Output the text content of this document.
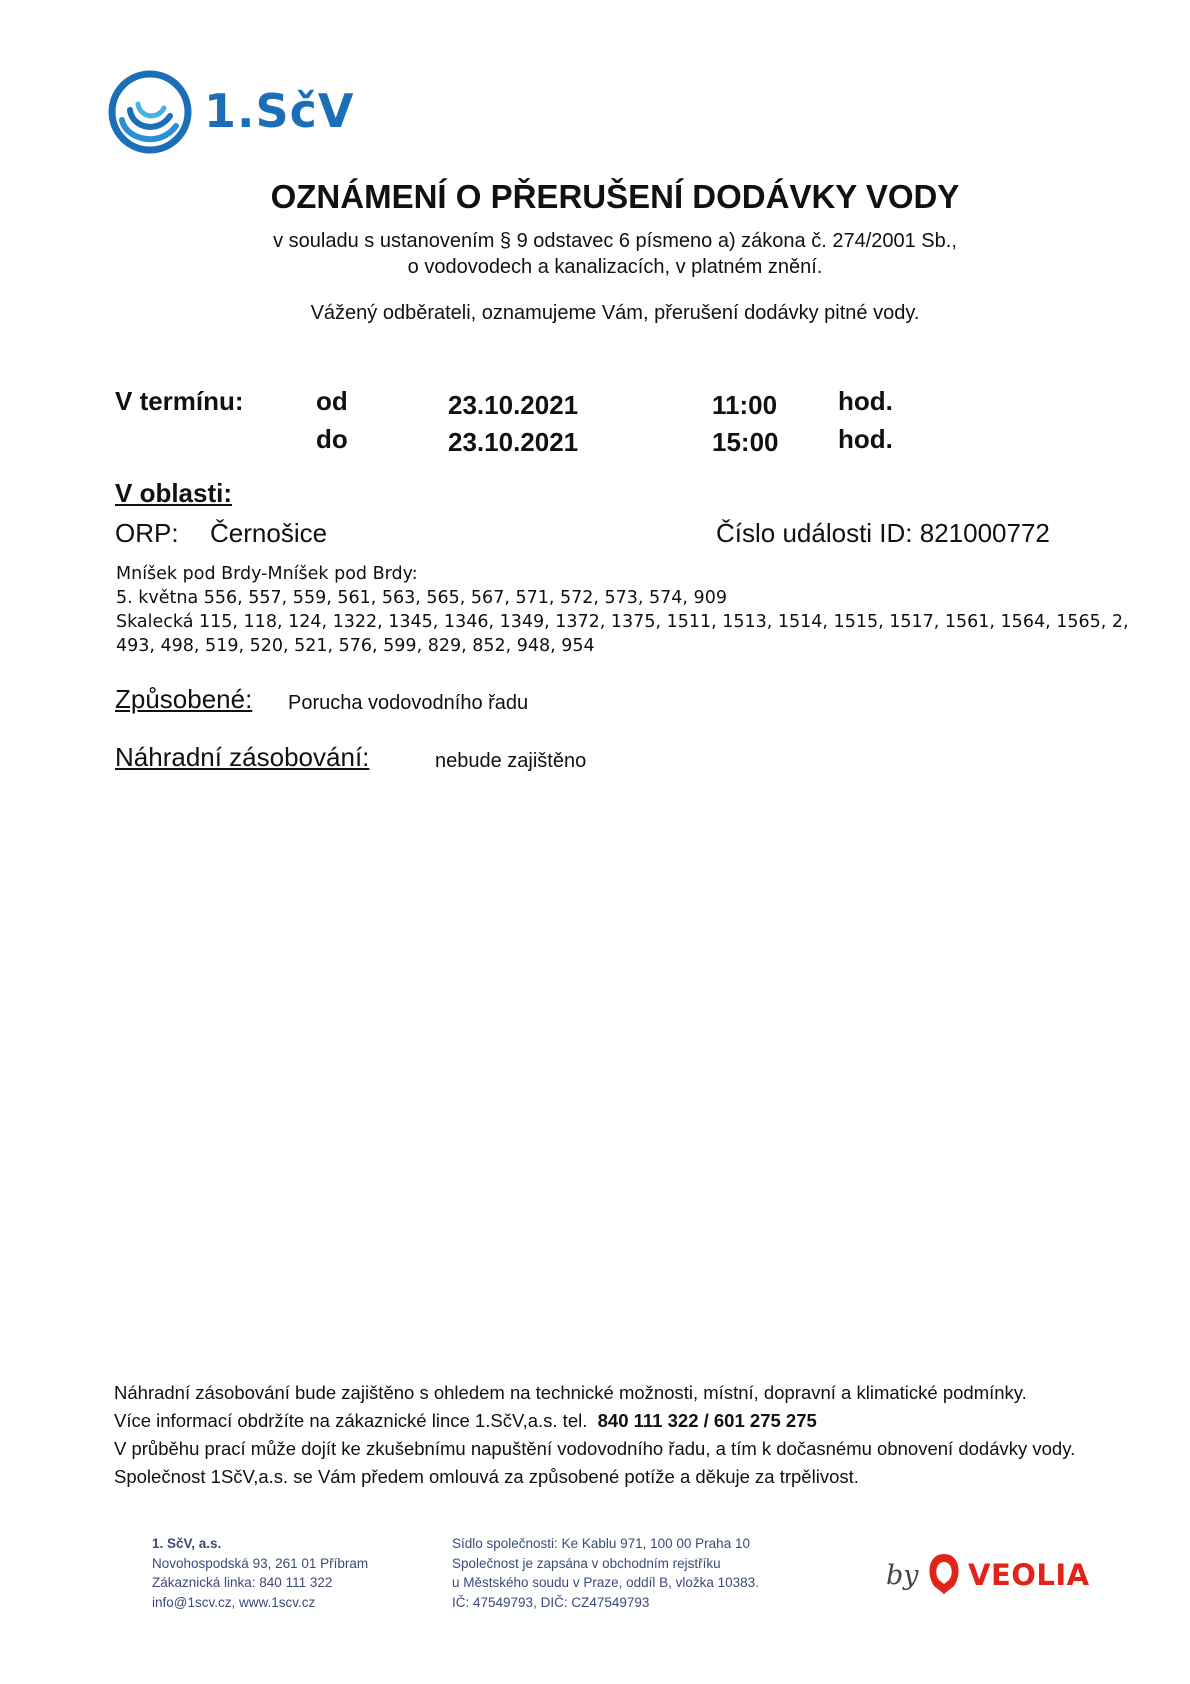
1.SčV
OZNÁMENÍ O PŘERUŠENÍ DODÁVKY VODY
v souladu s ustanovením § 9 odstavec 6 písmeno a) zákona č. 274/2001 Sb.,
o vodovodech a kanalizacích, v platném znění.
Vážený odběrateli, oznamujeme Vám, přerušení dodávky pitné vody.
V termínu:	od	23.10.2021	11:00 hod.
do	23.10.2021	15:00 hod.
V oblasti:
ORP: Černošice	Číslo události ID: 821000772
Mníšek pod Brdy-Mníšek pod Brdy:
5. května 556, 557, 559, 561, 563, 565, 567, 571, 572, 573, 574, 909
Skalecká 115, 118, 124, 1322, 1345, 1346, 1349, 1372, 1375, 1511, 1513, 1514, 1515, 1517, 1561, 1564, 1565, 2,
493, 498, 519, 520, 521, 576, 599, 829, 852, 948, 954
Způsobené: Porucha vodovodního řadu
Náhradní zásobování:	nebude zajištěno
Náhradní zásobování bude zajištěno s ohledem na technické možnosti, místní, dopravní a klimatické podmínky.
Více informací obdržíte na zákaznické lince 1.SčV,a.s. tel. 840 111 322 / 601 275 275
V průběhu prací může dojít ke zkušebnímu napuštění vodovodního řadu, a tím k dočasnému obnovení dodávky vody.
Společnost 1SčV,a.s. se Vám předem omlouvá za způsobené potíže a děkuje za trpělivost.
1. SčV, a.s.
Novohospodská 93, 261 01 Příbram
Zákaznická linka: 840 111 322
info@1scv.cz, www.1scv.cz
Sídlo společnosti: Ke Kablu 971, 100 00 Praha 10
Společnost je zapsána v obchodním rejstříku
u Městského soudu v Praze, oddíl B, vložka 10383.
IČ: 47549793, DIČ: CZ47549793
by VEOLIA
